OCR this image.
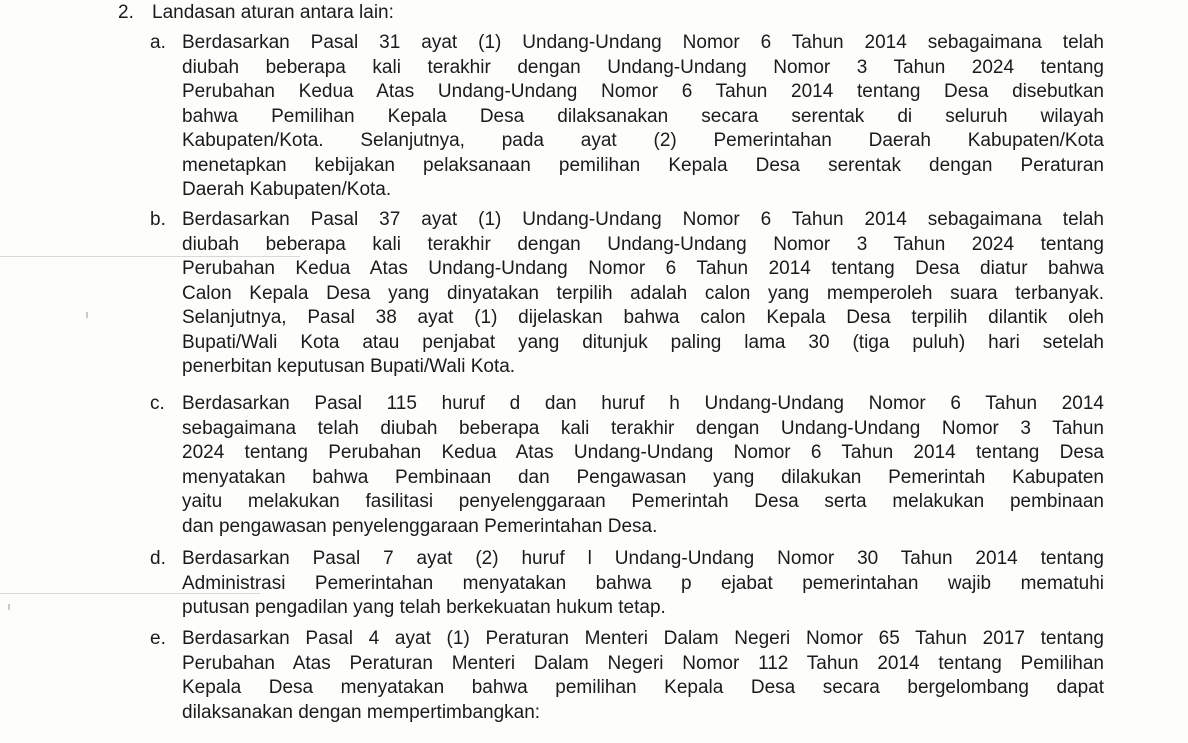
2. Landasan aturan antara lain:
a. Berdasarkan Pasal 31 ayat (1) Undang-Undang Nomor 6 Tahun 2014 sebagaimana telah
diubah beberapa kali terakhir dengan Undang-Undang Nomor 3 Tahun 2024 tentang
Perubahan Kedua Atas Undang-Undang Nomor 6 Tahun 2014 tentang Desa disebutkan
bahwa Pemilihan Kepala Desa dilaksanakan secara serentak di seluruh wilayah
Kabupaten/Kota. Selanjutnya, pada ayat (2) Pemerintahan Daerah Kabupaten/Kota
menetapkan kebijakan pelaksanaan pemilihan Kepala Desa serentak dengan Peraturan
Daerah Kabupaten/Kota.
b. Berdasarkan Pasal 37 ayat (1) Undang-Undang Nomor 6 Tahun 2014 sebagaimana telah
diubah beberapa kali terakhir dengan Undang-Undang Nomor 3 Tahun 2024 tentang
Perubahan Kedua Atas Undang-Undang Nomor 6 Tahun 2014 tentang Desa diatur bahwa
Calon Kepala Desa yang dinyatakan terpilih adalah calon yang memperoleh suara terbanyak.
Selanjutnya, Pasal 38 ayat (1) dijelaskan bahwa calon Kepala Desa terpilih dilantik oleh
Bupati/Wali Kota atau penjabat yang ditunjuk paling lama 30 (tiga puluh) hari setelah
penerbitan keputusan Bupati/Wali Kota.
c. Berdasarkan Pasal 115 huruf d dan huruf h Undang-Undang Nomor 6 Tahun 2014
sebagaimana telah diubah beberapa kali terakhir dengan Undang-Undang Nomor 3 Tahun
2024 tentang Perubahan Kedua Atas Undang-Undang Nomor 6 Tahun 2014 tentang Desa
menyatakan bahwa Pembinaan dan Pengawasan yang dilakukan Pemerintah Kabupaten
yaitu melakukan fasilitasi penyelenggaraan Pemerintah Desa serta melakukan pembinaan
dan pengawasan penyelenggaraan Pemerintahan Desa.
d. Berdasarkan Pasal 7 ayat (2) huruf l Undang-Undang Nomor 30 Tahun 2014 tentang
Administrasi Pemerintahan menyatakan bahwa p ejabat pemerintahan wajib mematuhi
putusan pengadilan yang telah berkekuatan hukum tetap.
e. Berdasarkan Pasal 4 ayat (1) Peraturan Menteri Dalam Negeri Nomor 65 Tahun 2017 tentang
Perubahan Atas Peraturan Menteri Dalam Negeri Nomor 112 Tahun 2014 tentang Pemilihan
Kepala Desa menyatakan bahwa pemilihan Kepala Desa secara bergelombang dapat
dilaksanakan dengan mempertimbangkan:
